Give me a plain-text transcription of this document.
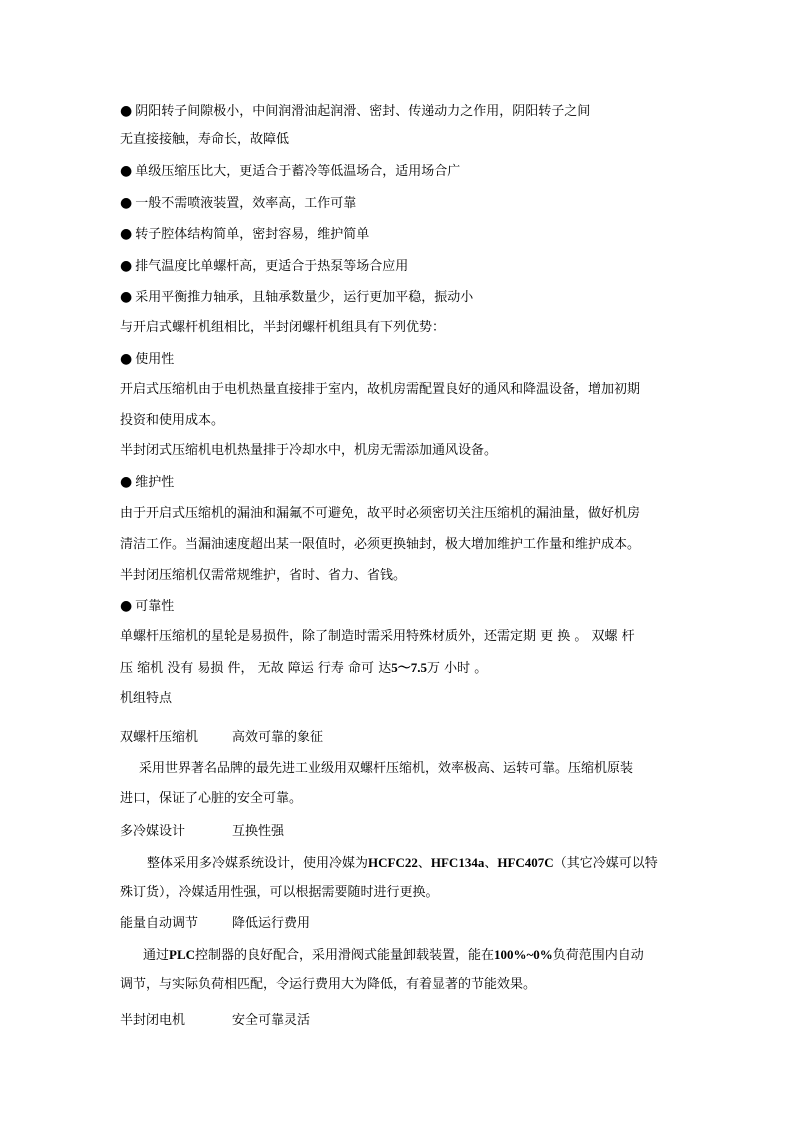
● 阴阳转子间隙极小，中间润滑油起润滑、密封、传递动力之作用，阴阳转子之间
无直接接触，寿命长，故障低
● 单级压缩压比大，更适合于蓄冷等低温场合，适用场合广
● 一般不需喷液装置，效率高，工作可靠
● 转子腔体结构简单，密封容易，维护简单
● 排气温度比单螺杆高，更适合于热泵等场合应用
● 采用平衡推力轴承，且轴承数量少，运行更加平稳，振动小
与开启式螺杆机组相比，半封闭螺杆机组具有下列优势：
● 使用性
开启式压缩机由于电机热量直接排于室内，故机房需配置良好的通风和降温设备，增加初期
投资和使用成本。
半封闭式压缩机电机热量排于冷却水中，机房无需添加通风设备。
● 维护性
由于开启式压缩机的漏油和漏氟不可避免，故平时必须密切关注压缩机的漏油量，做好机房
清洁工作。当漏油速度超出某一限值时，必须更换轴封，极大增加维护工作量和维护成本。
半封闭压缩机仅需常规维护，省时、省力、省钱。
● 可靠性
单螺杆压缩机的星轮是易损件，除了制造时需采用特殊材质外，还需定期 更 换 。 双螺 杆
压 缩机 没有 易损 件， 无故 障运 行寿 命可 达5～7.5万 小时 。
机组特点
双螺杆压缩机	高效可靠的象征
采用世界著名品牌的最先进工业级用双螺杆压缩机，效率极高、运转可靠。压缩机原装
进口，保证了心脏的安全可靠。
多冷媒设计	互换性强
整体采用多冷媒系统设计，使用冷媒为HCFC22、HFC134a、HFC407C（其它冷媒可以特
殊订货），冷媒适用性强，可以根据需要随时进行更换。
能量自动调节	降低运行费用
通过PLC控制器的良好配合，采用滑阀式能量卸载装置，能在100%~0%负荷范围内自动
调节，与实际负荷相匹配，令运行费用大为降低，有着显著的节能效果。
半封闭电机	安全可靠灵活
